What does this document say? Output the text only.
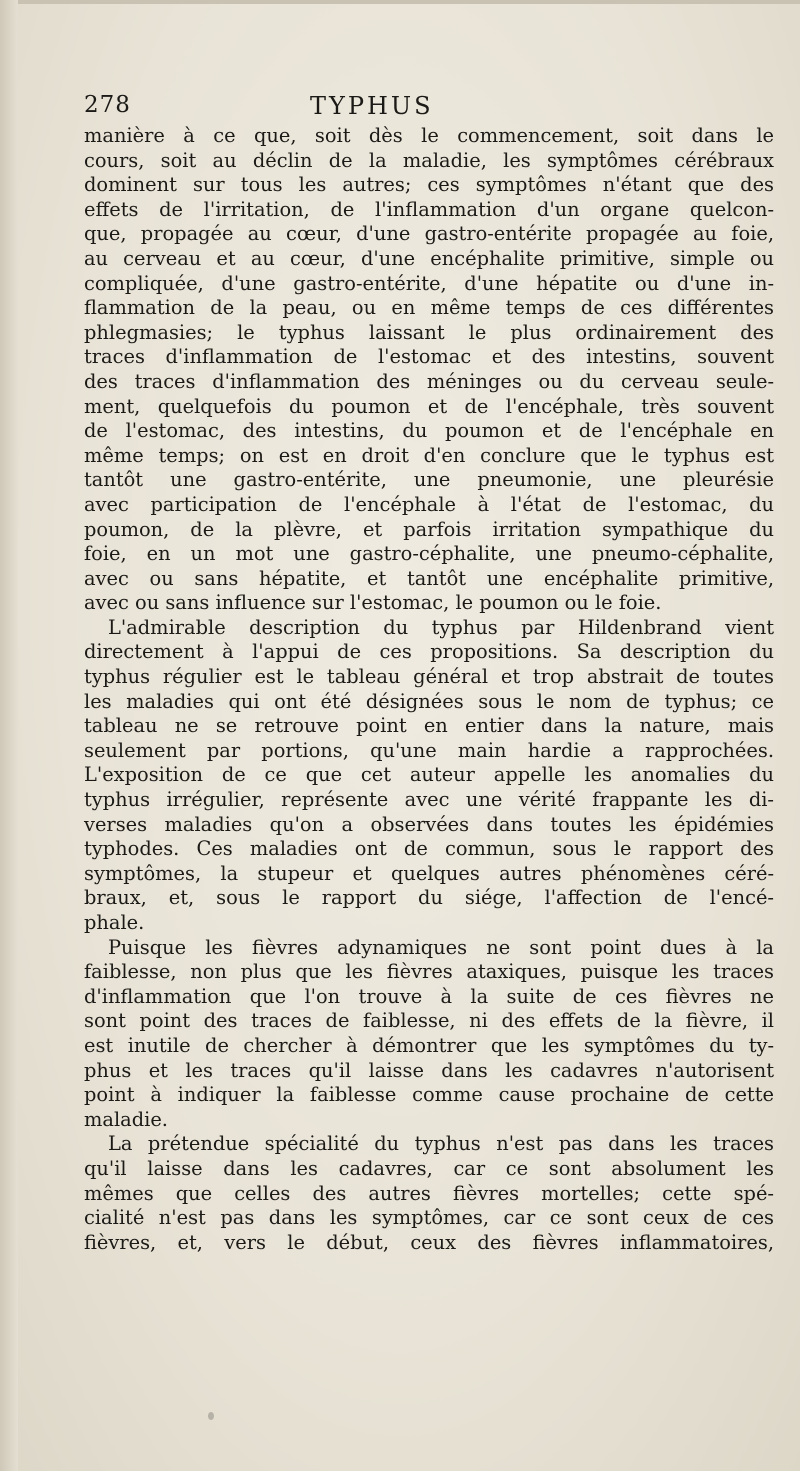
278	TYPHUS
manière à ce que, soit dès le commencement, soit dans le
cours, soit au déclin de la maladie, les symptômes cérébraux
dominent sur tous les autres; ces symptômes n'étant que des
effets de l'irritation, de l'inflammation d'un organe quelcon-
que, propagée au cœur, d'une gastro-entérite propagée au foie,
au cerveau et au cœur, d'une encéphalite primitive, simple ou
compliquée, d'une gastro-entérite, d'une hépatite ou d'une in-
flammation de la peau, ou en même temps de ces différentes
phlegmasies; le typhus laissant le plus ordinairement des
traces d'inflammation de l'estomac et des intestins, souvent
des traces d'inflammation des méninges ou du cerveau seule-
ment, quelquefois du poumon et de l'encéphale, très souvent
de l'estomac, des intestins, du poumon et de l'encéphale en
même temps; on est en droit d'en conclure que le typhus est
tantôt une gastro-entérite, une pneumonie, une pleurésie
avec participation de l'encéphale à l'état de l'estomac, du
poumon, de la plèvre, et parfois irritation sympathique du
foie, en un mot une gastro-céphalite, une pneumo-céphalite,
avec ou sans hépatite, et tantôt une encéphalite primitive,
avec ou sans influence sur l'estomac, le poumon ou le foie.
L'admirable description du typhus par Hildenbrand vient
directement à l'appui de ces propositions. Sa description du
typhus régulier est le tableau général et trop abstrait de toutes
les maladies qui ont été désignées sous le nom de typhus; ce
tableau ne se retrouve point en entier dans la nature, mais
seulement par portions, qu'une main hardie a rapprochées.
L'exposition de ce que cet auteur appelle les anomalies du
typhus irrégulier, représente avec une vérité frappante les di-
verses maladies qu'on a observées dans toutes les épidémies
typhodes. Ces maladies ont de commun, sous le rapport des
symptômes, la stupeur et quelques autres phénomènes céré-
braux, et, sous le rapport du siége, l'affection de l'encé-
phale.
Puisque les fièvres adynamiques ne sont point dues à la
faiblesse, non plus que les fièvres ataxiques, puisque les traces
d'inflammation que l'on trouve à la suite de ces fièvres ne
sont point des traces de faiblesse, ni des effets de la fièvre, il
est inutile de chercher à démontrer que les symptômes du ty-
phus et les traces qu'il laisse dans les cadavres n'autorisent
point à indiquer la faiblesse comme cause prochaine de cette
maladie.
La prétendue spécialité du typhus n'est pas dans les traces
qu'il laisse dans les cadavres, car ce sont absolument les
mêmes que celles des autres fièvres mortelles; cette spé-
cialité n'est pas dans les symptômes, car ce sont ceux de ces
fièvres, et, vers le début, ceux des fièvres inflammatoires,
